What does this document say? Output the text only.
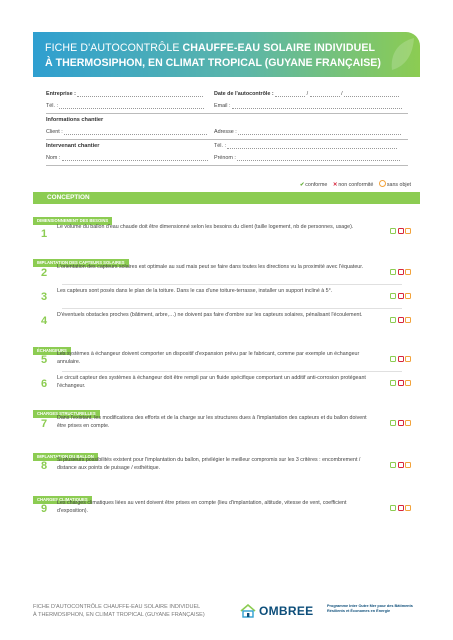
FICHE D'AUTOCONTRÔLE CHAUFFE-EAU SOLAIRE INDIVIDUEL
À THERMOSIPHON, EN CLIMAT TROPICAL (GUYANE FRANÇAISE)
Entreprise :	Date de l'autocontrôle :	/	/
Tél. :	Email :
Informations chantier
Client :	Adresse :
Intervenant chantier	Tél. :
Nom :	Prénom :
✔conforme ✕non conformité	sans objet
CONCEPTION
DIMENSIONNEMENT DES BESOINS
1
Le volume du ballon d'eau chaude doit être dimensionné selon les besoins du client (taille logement, nb de personnes, usage).
IMPLANTATION DES CAPTEURS SOLAIRES
2 L'orientation des capteurs solaires est optimale au sud mais peut se faire dans toutes les directions vu la proximité avec l'équateur.
3 Les capteurs sont posés dans le plan de la toiture. Dans le cas d'une toiture-terrasse, installer un support incliné à 5°.
4 D'éventuels obstacles proches (bâtiment, arbre,…) ne doivent pas faire d'ombre sur les capteurs solaires, pénalisant l'écoulement.
ÉCHANGEURS
5 Les systèmes à échangeur doivent comporter un dispositif d'expansion prévu par le fabricant, comme par exemple un échangeur annulaire.
6 Le circuit capteur des systèmes à échangeur doit être rempli par un fluide spécifique comportant un additif anti-corrosion protégeant l'échangeur.
CHARGES STRUCTURELLES
7 Dans l'existant, les modifications des efforts et de la charge sur les structures dues à l'implantation des capteurs et du ballon doivent être prises en compte.
IMPLANTATION DU BALLON
8 Si plusieurs possibilités existent pour l'implantation du ballon, privilégier le meilleur compromis sur les 3 critères : encombrement / distance aux points de puisage / esthétique.
CHARGES CLIMATIQUES
9 Les charges climatiques liées au vent doivent être prises en compte (lieu d'implantation, altitude, vitesse de vent, coefficient d'exposition).
FICHE D'AUTOCONTRÔLE CHAUFFE-EAU SOLAIRE INDIVIDUEL
À THERMOSIPHON, EN CLIMAT TROPICAL (GUYANE FRANÇAISE)	OMBREE	Programme Inter Outre Mer pour des Bâtiments
Résilients et Économes en Énergie
